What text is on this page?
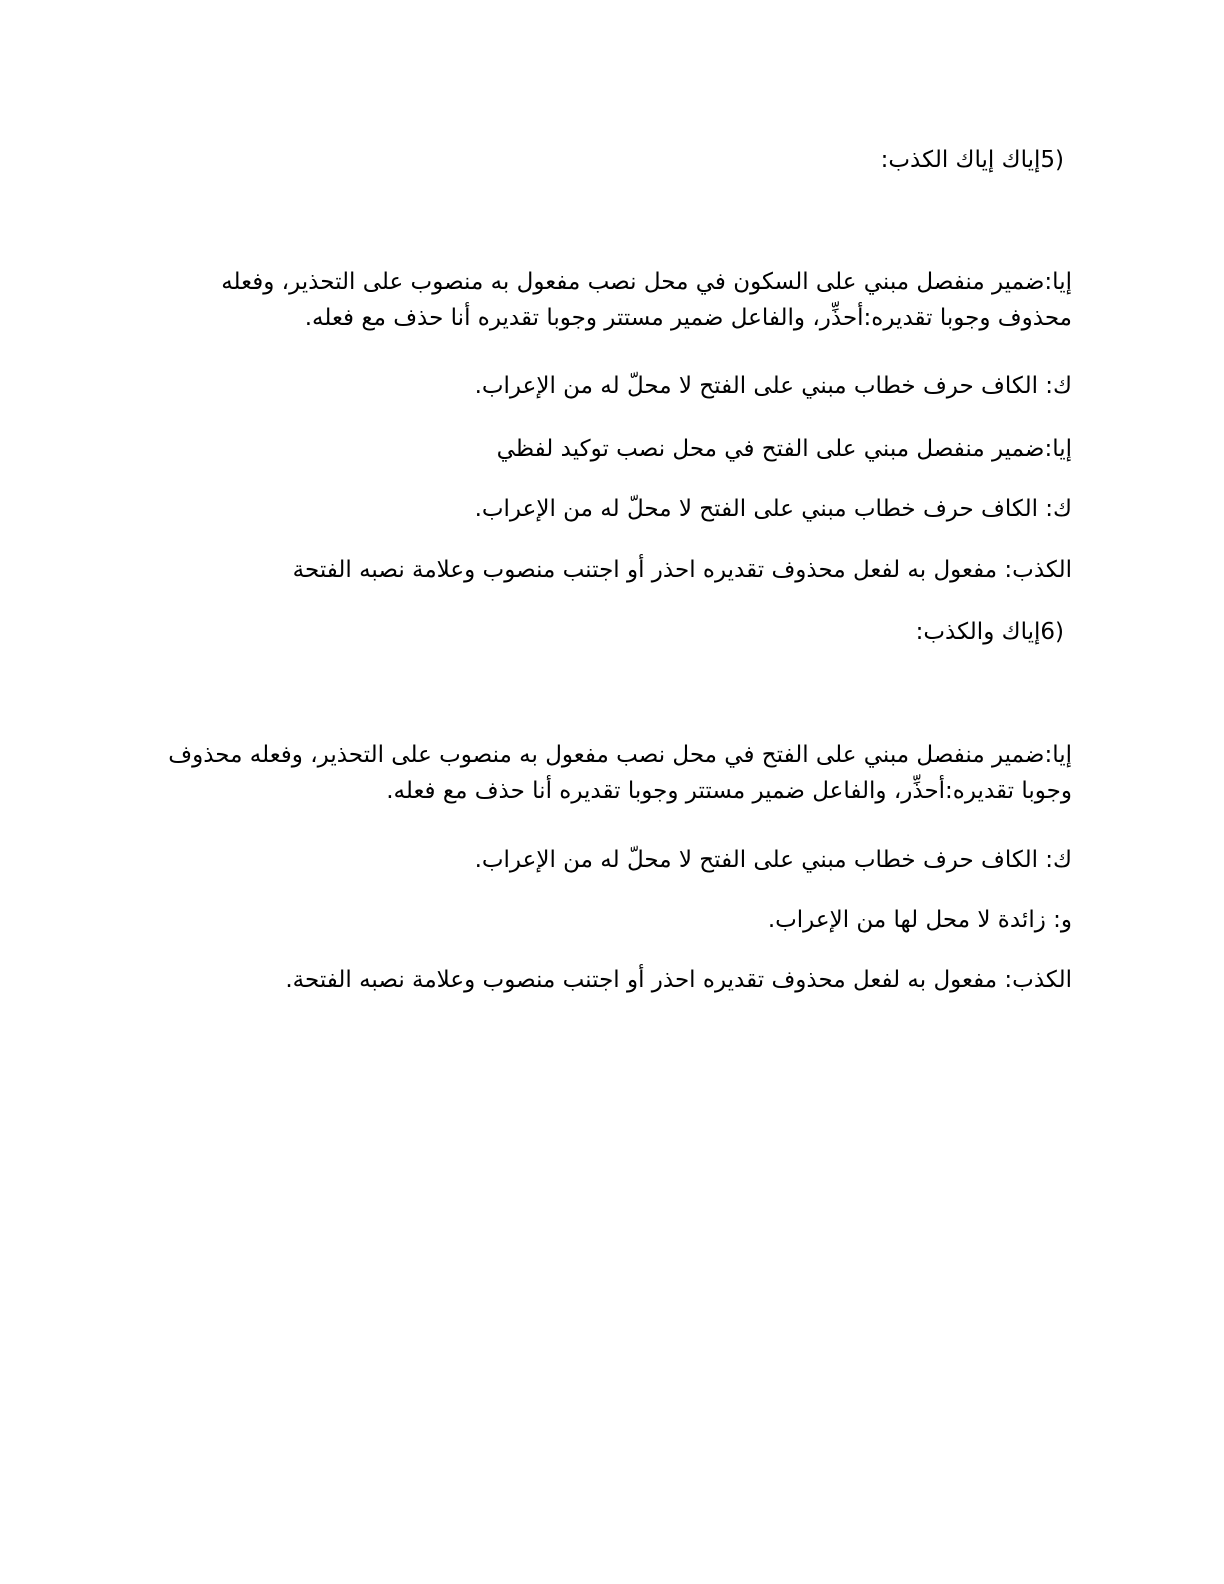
(5إياك إياك الكذب:
إيا:ضمير منفصل مبني على السكون في محل نصب مفعول به منصوب على التحذير، وفعله محذوف وجوبا تقديره:أحذِّر، والفاعل ضمير مستتر وجوبا تقديره أنا حذف مع فعله.
ك: الكاف حرف خطاب مبني على الفتح لا محلّ له من الإعراب.
إيا:ضمير منفصل مبني على الفتح في محل نصب توكيد لفظي
ك: الكاف حرف خطاب مبني على الفتح لا محلّ له من الإعراب.
الكذب: مفعول به لفعل محذوف تقديره احذر أو اجتنب منصوب وعلامة نصبه الفتحة
(6إياك والكذب:
إيا:ضمير منفصل مبني على الفتح في محل نصب مفعول به منصوب على التحذير، وفعله محذوف وجوبا تقديره:أحذِّر، والفاعل ضمير مستتر وجوبا تقديره أنا حذف مع فعله.
ك: الكاف حرف خطاب مبني على الفتح لا محلّ له من الإعراب.
و: زائدة لا محل لها من الإعراب.
الكذب: مفعول به لفعل محذوف تقديره احذر أو اجتنب منصوب وعلامة نصبه الفتحة.
